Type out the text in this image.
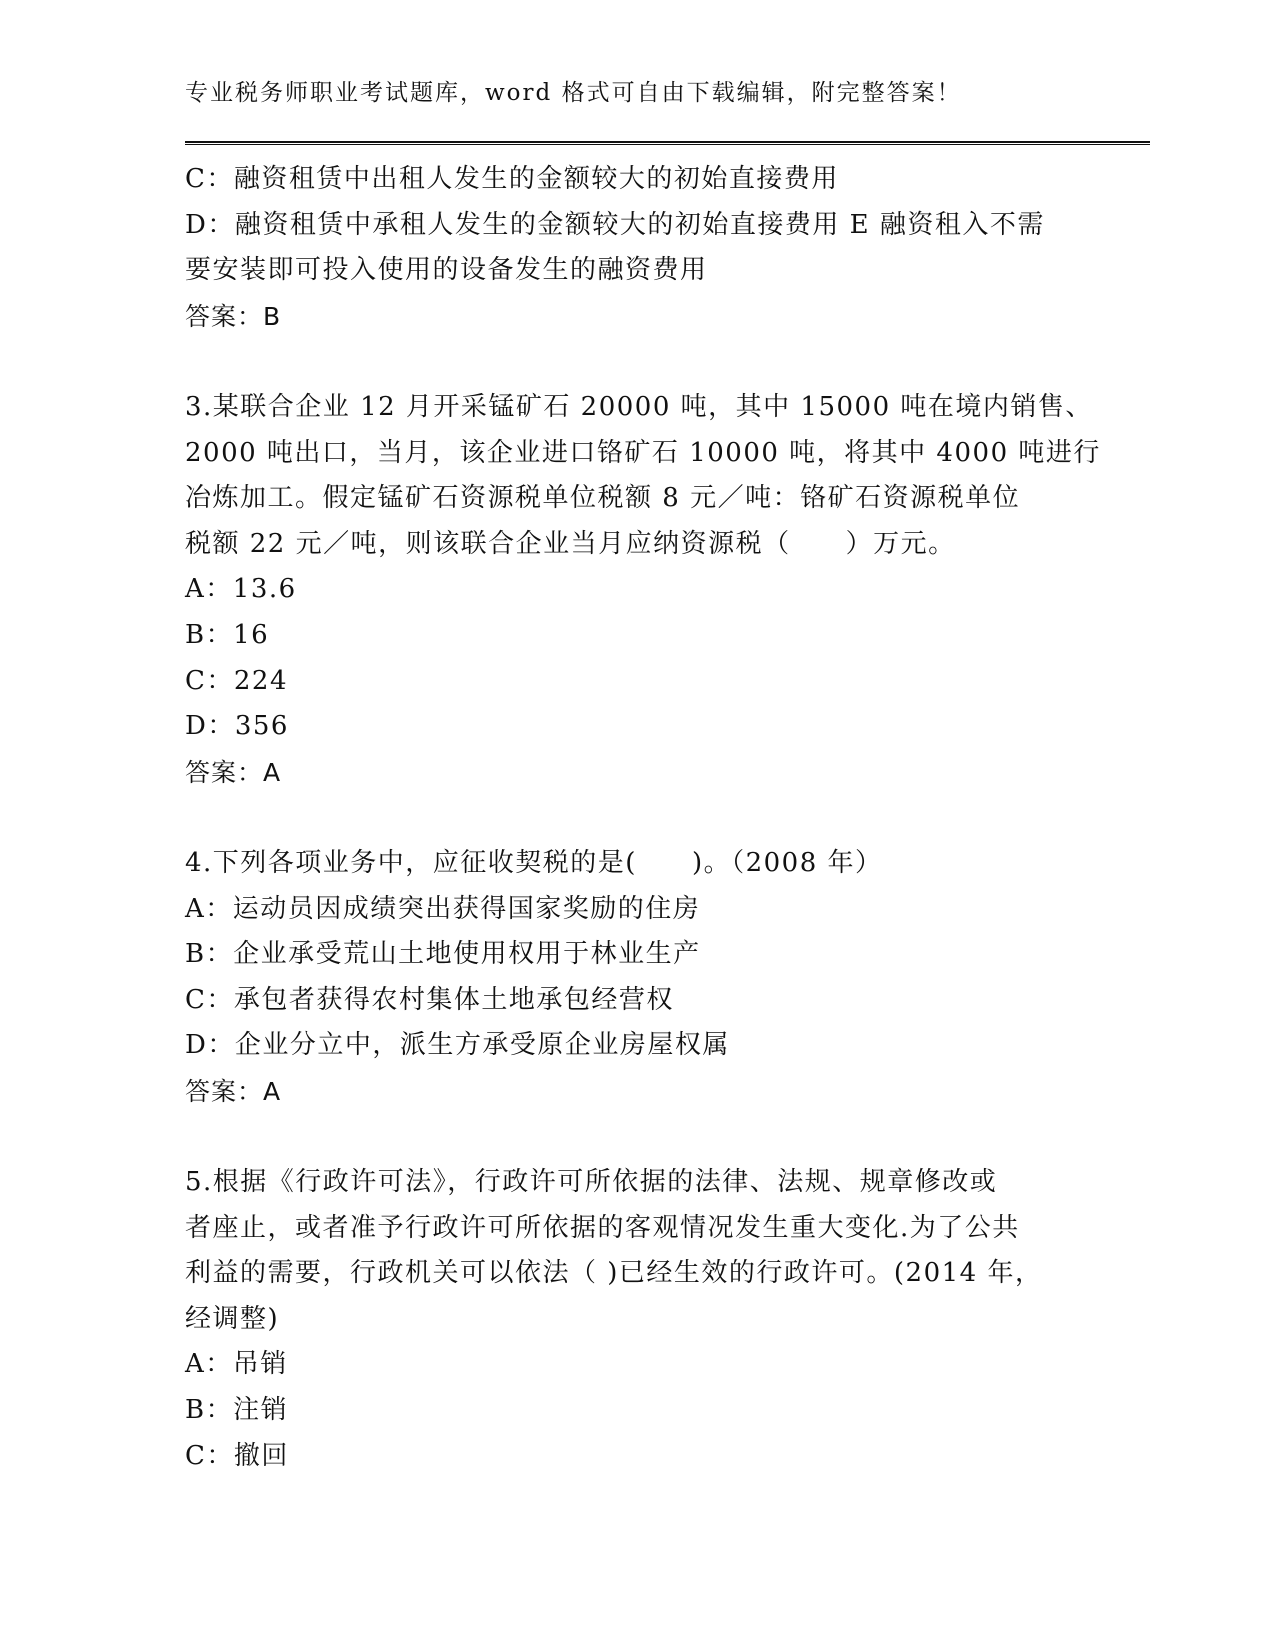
专业税务师职业考试题库，word 格式可自由下载编辑，附完整答案！
C：融资租赁中出租人发生的金额较大的初始直接费用
D：融资租赁中承租人发生的金额较大的初始直接费用 E 融资租入不需
要安装即可投入使用的设备发生的融资费用
答案：B
3.某联合企业 12 月开采锰矿石 20000 吨，其中 15000 吨在境内销售、
2000 吨出口，当月，该企业进口铬矿石 10000 吨，将其中 4000 吨进行
冶炼加工。假定锰矿石资源税单位税额 8 元／吨：铬矿石资源税单位
税额 22 元／吨，则该联合企业当月应纳资源税（　　）万元。
A：13.6
B：16
C：224
D：356
答案：A
4.下列各项业务中，应征收契税的是(　　)。（2008 年）
A：运动员因成绩突出获得国家奖励的住房
B：企业承受荒山土地使用权用于林业生产
C：承包者获得农村集体土地承包经营权
D：企业分立中，派生方承受原企业房屋权属
答案：A
5.根据《行政许可法》，行政许可所依据的法律、法规、规章修改或
者座止，或者准予行政许可所依据的客观情况发生重大变化.为了公共
利益的需要，行政机关可以依法（ )已经生效的行政许可。(2014 年，
经调整)
A：吊销
B：注销
C：撤回
